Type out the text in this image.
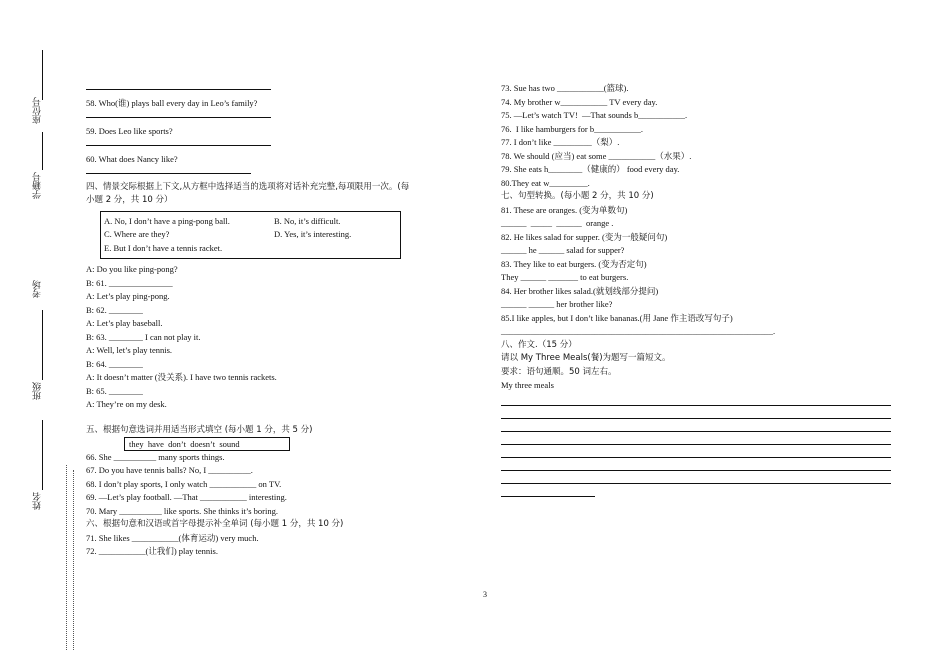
座位号
学籍号
考场
班级
姓名
58. Who(谁) plays ball every day in Leo’s family?
59. Does Leo like sports?
60. What does Nancy like?
四、情景交际根据上下文,从方框中选择适当的选项将对话补充完整,每项限用一次。(每
小题 2 分，共 10 分）
A. No, I don’t have a ping-pong ball.	B. No, it’s difficult.
C. Where are they?	D. Yes, it’s interesting.
E. But I don’t have a tennis racket.
A: Do you like ping-pong?
B: 61. _______________
A: Let’s play ping-pong.
B: 62. ________
A: Let’s play baseball.
B: 63. ________ I can not play it.
A: Well, let’s play tennis.
B: 64. ________
A: It doesn’t matter (没关系). I have two tennis rackets.
B: 65. ________
A: They’re on my desk.
五、根据句意选词并用适当形式填空 (每小题 1 分，共 5 分)
they  have  don’t  doesn’t  sound
66. She __________ many sports things.
67. Do you have tennis balls? No, I __________.
68. I don’t play sports, I only watch ___________ on TV.
69. —Let’s play football. —That ___________ interesting.
70. Mary __________ like sports. She thinks it’s boring.
六、根据句意和汉语或首字母提示补全单词 (每小题 1 分，共 10 分)
71. She likes ___________(体育运动) very much.
72. ___________(让我们) play tennis.
73. Sue has two ___________(篮球).
74. My brother w___________ TV every day.
75. —Let’s watch TV!  —That sounds b___________.
76.  I like hamburgers for b___________.
77. I don’t like _________（梨）.
78. We should (应当) eat some ___________（水果）.
79. She eats h________（健康的） food every day.
80.They eat w_________.
七、句型转换。(每小题 2 分，共 10 分)
81. These are oranges. (变为单数句)
______  _____  ______  orange .
82. He likes salad for supper. (变为一般疑问句)
______ he ______ salad for supper?
83. They like to eat burgers. (变为否定句)
They ______ _______ to eat burgers.
84. Her brother likes salad.(就划线部分提问)
______ ______ her brother like?
85.I like apples, but I don’t like bananas.(用 Jane 作主语改写句子)
________________________________________________________________.
八、作文.（15 分）
请以 My Three Meals(餐)为题写一篇短文。
要求：语句通顺。50 词左右。
My three meals
3
